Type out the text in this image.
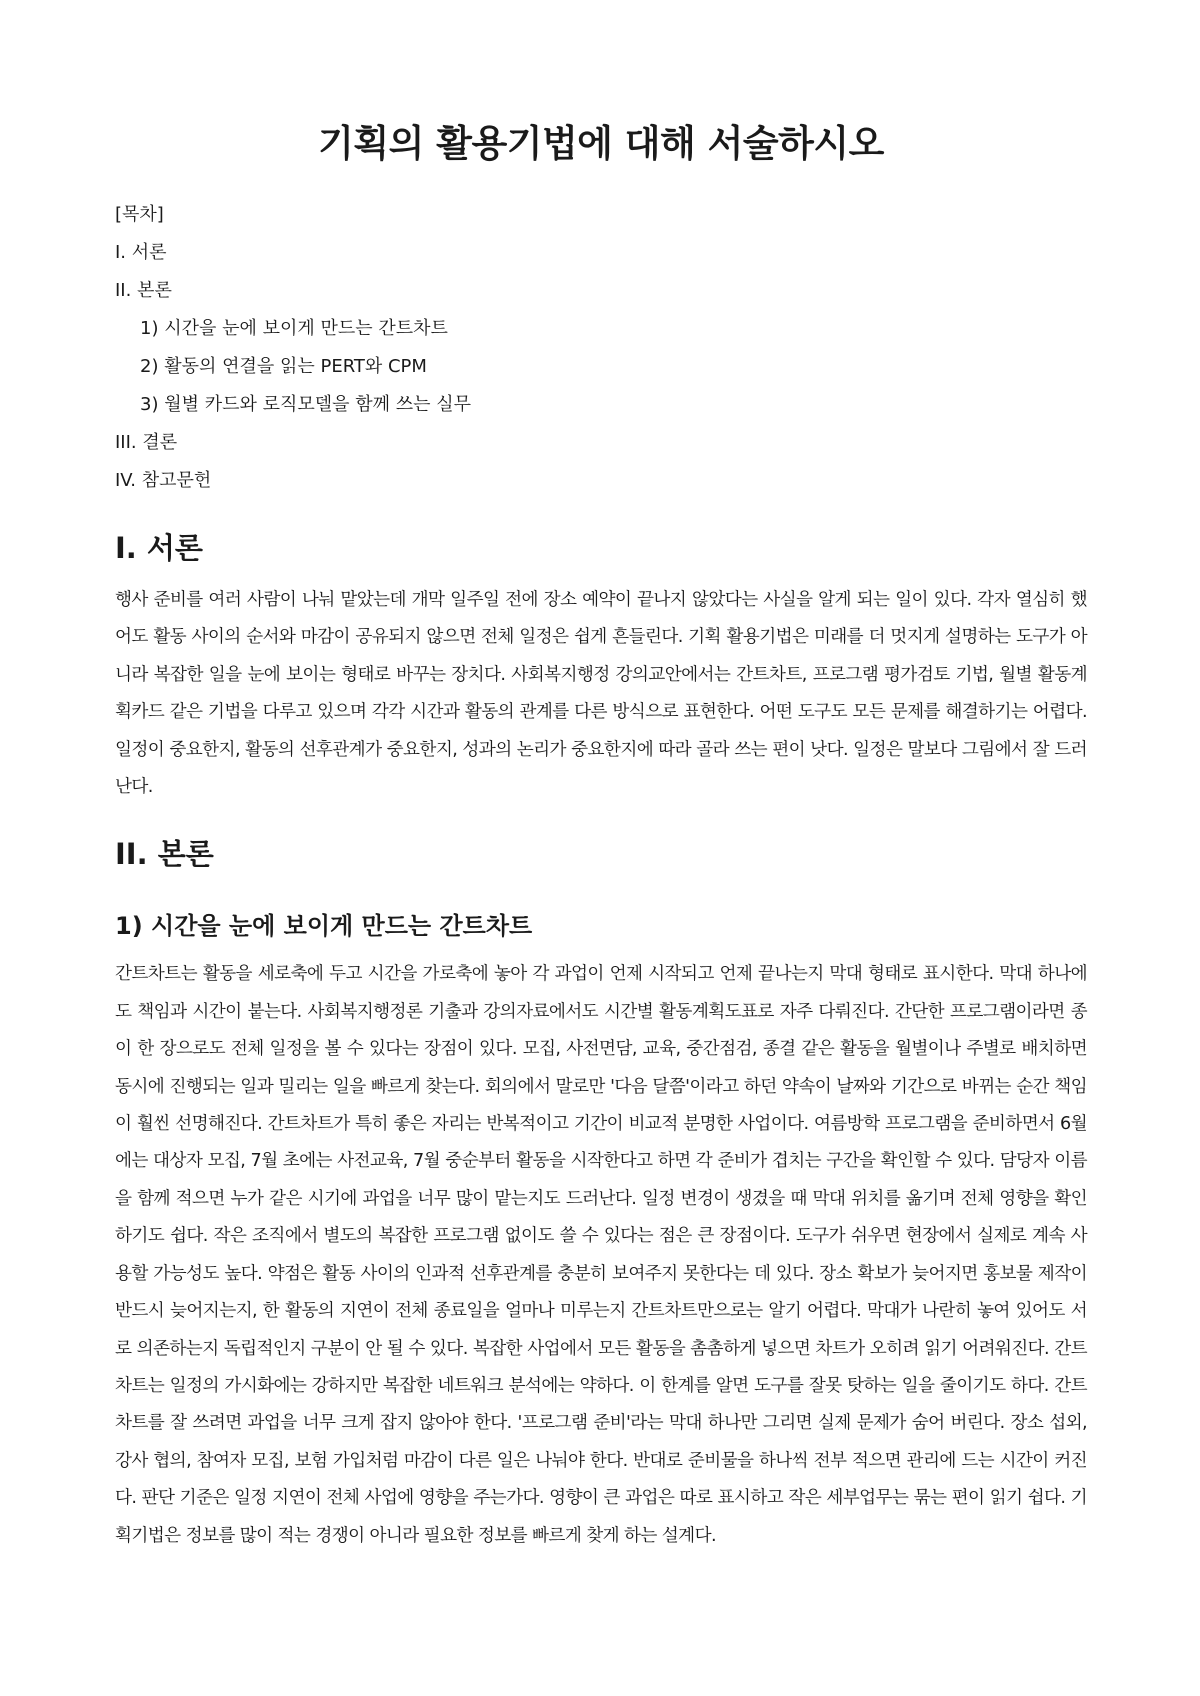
기획의 활용기법에 대해 서술하시오
[목차]
I. 서론
II. 본론
1) 시간을 눈에 보이게 만드는 간트차트
2) 활동의 연결을 읽는 PERT와 CPM
3) 월별 카드와 로직모델을 함께 쓰는 실무
III. 결론
IV. 참고문헌
I. 서론

행사 준비를 여러 사람이 나눠 맡았는데 개막 일주일 전에 장소 예약이 끝나지 않았다는 사실을 알게 되는 일이 있다. 각자 열심히 했어도 활동 사이의 순서와 마감이 공유되지 않으면 전체 일정은 쉽게 흔들린다. 기획 활용기법은 미래를 더 멋지게 설명하는 도구가 아니라 복잡한 일을 눈에 보이는 형태로 바꾸는 장치다. 사회복지행정 강의교안에서는 간트차트, 프로그램 평가검토 기법, 월별 활동계획카드 같은 기법을 다루고 있으며 각각 시간과 활동의 관계를 다른 방식으로 표현한다. 어떤 도구도 모든 문제를 해결하기는 어렵다. 일정이 중요한지, 활동의 선후관계가 중요한지, 성과의 논리가 중요한지에 따라 골라 쓰는 편이 낫다. 일정은 말보다 그림에서 잘 드러난다.

II. 본론
1) 시간을 눈에 보이게 만드는 간트차트

간트차트는 활동을 세로축에 두고 시간을 가로축에 놓아 각 과업이 언제 시작되고 언제 끝나는지 막대 형태로 표시한다. 막대 하나에도 책임과 시간이 붙는다. 사회복지행정론 기출과 강의자료에서도 시간별 활동계획도표로 자주 다뤄진다. 간단한 프로그램이라면 종이 한 장으로도 전체 일정을 볼 수 있다는 장점이 있다. 모집, 사전면담, 교육, 중간점검, 종결 같은 활동을 월별이나 주별로 배치하면 동시에 진행되는 일과 밀리는 일을 빠르게 찾는다. 회의에서 말로만 '다음 달쯤'이라고 하던 약속이 날짜와 기간으로 바뀌는 순간 책임이 훨씬 선명해진다. 간트차트가 특히 좋은 자리는 반복적이고 기간이 비교적 분명한 사업이다. 여름방학 프로그램을 준비하면서 6월에는 대상자 모집, 7월 초에는 사전교육, 7월 중순부터 활동을 시작한다고 하면 각 준비가 겹치는 구간을 확인할 수 있다. 담당자 이름을 함께 적으면 누가 같은 시기에 과업을 너무 많이 맡는지도 드러난다. 일정 변경이 생겼을 때 막대 위치를 옮기며 전체 영향을 확인하기도 쉽다. 작은 조직에서 별도의 복잡한 프로그램 없이도 쓸 수 있다는 점은 큰 장점이다. 도구가 쉬우면 현장에서 실제로 계속 사용할 가능성도 높다. 약점은 활동 사이의 인과적 선후관계를 충분히 보여주지 못한다는 데 있다. 장소 확보가 늦어지면 홍보물 제작이 반드시 늦어지는지, 한 활동의 지연이 전체 종료일을 얼마나 미루는지 간트차트만으로는 알기 어렵다. 막대가 나란히 놓여 있어도 서로 의존하는지 독립적인지 구분이 안 될 수 있다. 복잡한 사업에서 모든 활동을 촘촘하게 넣으면 차트가 오히려 읽기 어려워진다. 간트차트는 일정의 가시화에는 강하지만 복잡한 네트워크 분석에는 약하다. 이 한계를 알면 도구를 잘못 탓하는 일을 줄이기도 하다. 간트차트를 잘 쓰려면 과업을 너무 크게 잡지 않아야 한다. '프로그램 준비'라는 막대 하나만 그리면 실제 문제가 숨어 버린다. 장소 섭외, 강사 협의, 참여자 모집, 보험 가입처럼 마감이 다른 일은 나눠야 한다. 반대로 준비물을 하나씩 전부 적으면 관리에 드는 시간이 커진다. 판단 기준은 일정 지연이 전체 사업에 영향을 주는가다. 영향이 큰 과업은 따로 표시하고 작은 세부업무는 묶는 편이 읽기 쉽다. 기획기법은 정보를 많이 적는 경쟁이 아니라 필요한 정보를 빠르게 찾게 하는 설계다.
